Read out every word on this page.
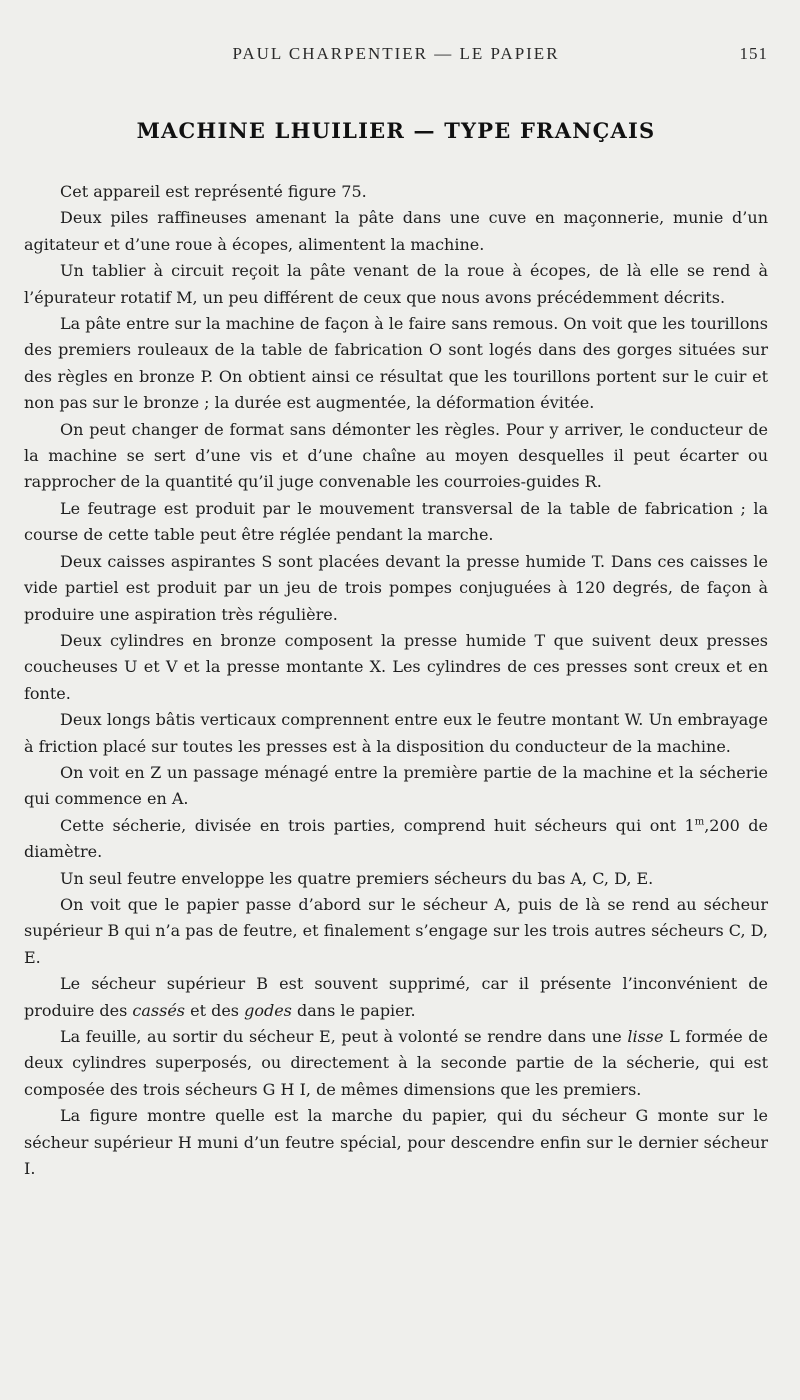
PAUL CHARPENTIER — LE PAPIER	151
MACHINE LHUILIER — TYPE FRANÇAIS

Cet appareil est représenté figure 75.

Deux piles raffineuses amenant la pâte dans une cuve en maçonnerie, munie d’un agitateur et d’une roue à écopes, alimentent la machine.

Un tablier à circuit reçoit la pâte venant de la roue à écopes, de là elle se rend à l’épurateur rotatif M, un peu différent de ceux que nous avons précédemment décrits.

La pâte entre sur la machine de façon à le faire sans remous. On voit que les tourillons des premiers rouleaux de la table de fabrication O sont logés dans des gorges situées sur des règles en bronze P. On obtient ainsi ce résultat que les tourillons portent sur le cuir et non pas sur le bronze ; la durée est augmentée, la déformation évitée.

On peut changer de format sans démonter les règles. Pour y arriver, le conducteur de la machine se sert d’une vis et d’une chaîne au moyen desquelles il peut écarter ou rapprocher de la quantité qu’il juge convenable les courroies-guides R.

Le feutrage est produit par le mouvement transversal de la table de fabrication ; la course de cette table peut être réglée pendant la marche.

Deux caisses aspirantes S sont placées devant la presse humide T. Dans ces caisses le vide partiel est produit par un jeu de trois pompes conjuguées à 120 degrés, de façon à produire une aspiration très régulière.

Deux cylindres en bronze composent la presse humide T que suivent deux presses coucheuses U et V et la presse montante X. Les cylindres de ces presses sont creux et en fonte.

Deux longs bâtis verticaux comprennent entre eux le feutre montant W. Un embrayage à friction placé sur toutes les presses est à la disposition du conducteur de la machine.

On voit en Z un passage ménagé entre la première partie de la machine et la sécherie qui commence en A.

Cette sécherie, divisée en trois parties, comprend huit sécheurs qui ont 1$^m$,200 de diamètre.

Un seul feutre enveloppe les quatre premiers sécheurs du bas A, C, D, E.

On voit que le papier passe d’abord sur le sécheur A, puis de là se rend au sécheur supérieur B qui n’a pas de feutre, et finalement s’engage sur les trois autres sécheurs C, D, E.

Le sécheur supérieur B est souvent supprimé, car il présente l’inconvénient de produire des cassés et des godes dans le papier.

La feuille, au sortir du sécheur E, peut à volonté se rendre dans une lisse L formée de deux cylindres superposés, ou directement à la seconde partie de la sécherie, qui est composée des trois sécheurs G H I, de mêmes dimensions que les premiers.

La figure montre quelle est la marche du papier, qui du sécheur G monte sur le sécheur supérieur H muni d’un feutre spécial, pour descendre enfin sur le dernier sécheur I.
